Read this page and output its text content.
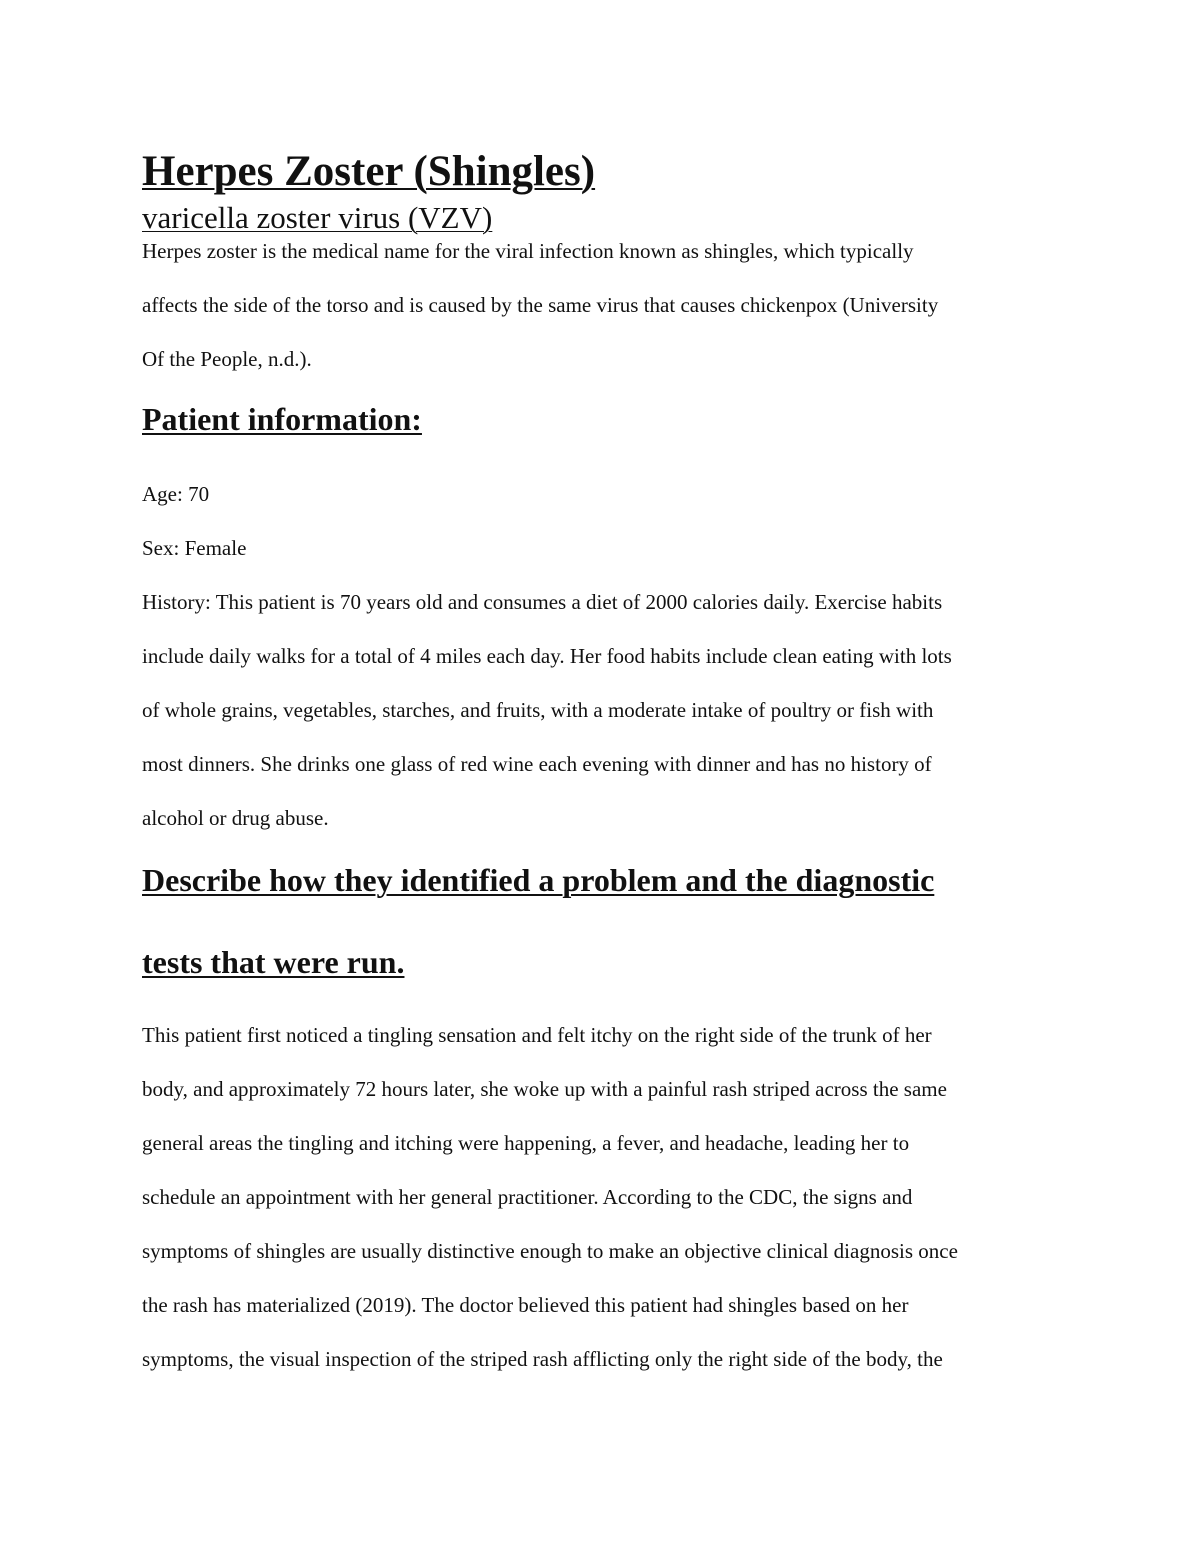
Herpes Zoster (Shingles)
varicella zoster virus (VZV)
Herpes zoster is the medical name for the viral infection known as shingles, which typically
affects the side of the torso and is caused by the same virus that causes chickenpox (University
Of the People, n.d.).
Patient information:

Age: 70

Sex: Female

History: This patient is 70 years old and consumes a diet of 2000 calories daily. Exercise habits
include daily walks for a total of 4 miles each day. Her food habits include clean eating with lots
of whole grains, vegetables, starches, and fruits, with a moderate intake of poultry or fish with
most dinners. She drinks one glass of red wine each evening with dinner and has no history of
alcohol or drug abuse.
Describe how they identified a problem and the diagnostic
tests that were run.
This patient first noticed a tingling sensation and felt itchy on the right side of the trunk of her
body, and approximately 72 hours later, she woke up with a painful rash striped across the same
general areas the tingling and itching were happening, a fever, and headache, leading her to
schedule an appointment with her general practitioner. According to the CDC, the signs and
symptoms of shingles are usually distinctive enough to make an objective clinical diagnosis once
the rash has materialized (2019). The doctor believed this patient had shingles based on her
symptoms, the visual inspection of the striped rash afflicting only the right side of the body, the
